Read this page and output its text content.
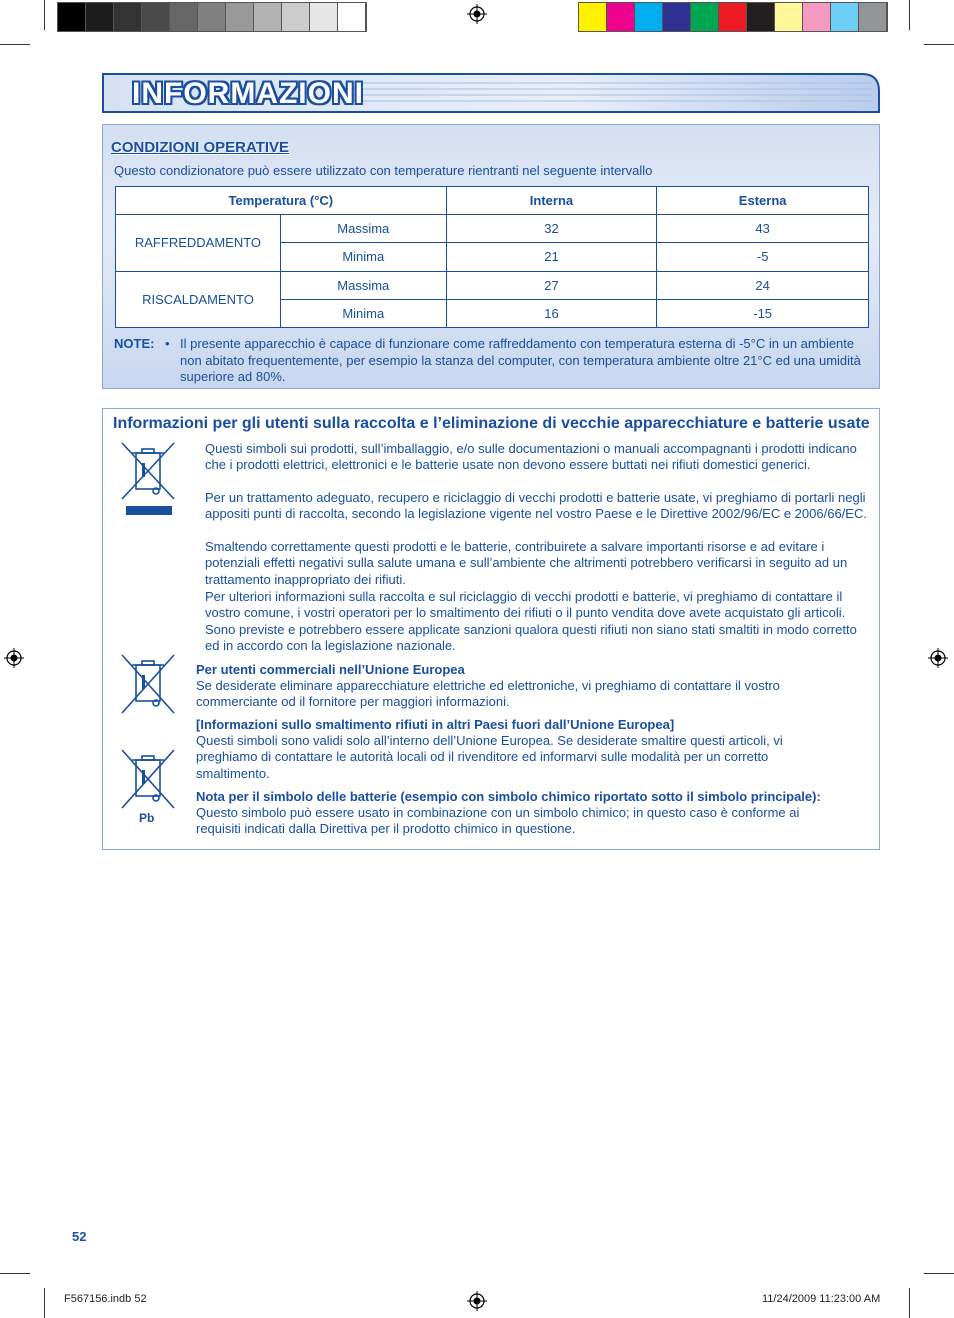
INFORMAZIONI
CONDIZIONI OPERATIVE
Questo condizionatore può essere utilizzato con temperature rientranti nel seguente intervallo
Temperatura (°C)		Interna	Esterna
RAFFREDDAMENTO	Massima	32	43
	Minima	21	-5
RISCALDAMENTO	Massima	27	24
	Minima	16	-15
NOTE: • Il presente apparecchio è capace di funzionare come raffreddamento con temperatura esterna di -5°C in un ambiente non abitato frequentemente, per esempio la stanza del computer, con temperatura ambiente oltre 21°C ed una umidità superiore ad 80%.
Informazioni per gli utenti sulla raccolta e l’eliminazione di vecchie apparecchiature e batterie usate
Pb
Questi simboli sui prodotti, sull’imballaggio, e/o sulle documentazioni o manuali accompagnanti i prodotti indicano che i prodotti elettrici, elettronici e le batterie usate non devono essere buttati nei rifiuti domestici generici.
Per un trattamento adeguato, recupero e riciclaggio di vecchi prodotti e batterie usate, vi preghiamo di portarli negli appositi punti di raccolta, secondo la legislazione vigente nel vostro Paese e le Direttive 2002/96/EC e 2006/66/EC.
Smaltendo correttamente questi prodotti e le batterie, contribuirete a salvare importanti risorse e ad evitare i potenziali effetti negativi sulla salute umana e sull’ambiente che altrimenti potrebbero verificarsi in seguito ad un trattamento inappropriato dei rifiuti.
Per ulteriori informazioni sulla raccolta e sul riciclaggio di vecchi prodotti e batterie, vi preghiamo di contattare il vostro comune, i vostri operatori per lo smaltimento dei rifiuti o il punto vendita dove avete acquistato gli articoli. Sono previste e potrebbero essere applicate sanzioni qualora questi rifiuti non siano stati smaltiti in modo corretto ed in accordo con la legislazione nazionale.
Per utenti commerciali nell’Unione Europea
Se desiderate eliminare apparecchiature elettriche ed elettroniche, vi preghiamo di contattare il vostro commerciante od il fornitore per maggiori informazioni.
[Informazioni sullo smaltimento rifiuti in altri Paesi fuori dall’Unione Europea]
Questi simboli sono validi solo all’interno dell’Unione Europea. Se desiderate smaltire questi articoli, vi preghiamo di contattare le autorità locali od il rivenditore ed informarvi sulle modalità per un corretto smaltimento.
Nota per il simbolo delle batterie (esempio con simbolo chimico riportato sotto il simbolo principale):
Questo simbolo può essere usato in combinazione con un simbolo chimico; in questo caso è conforme ai requisiti indicati dalla Direttiva per il prodotto chimico in questione.
52
F567156.indb 52	11/24/2009 11:23:00 AM
